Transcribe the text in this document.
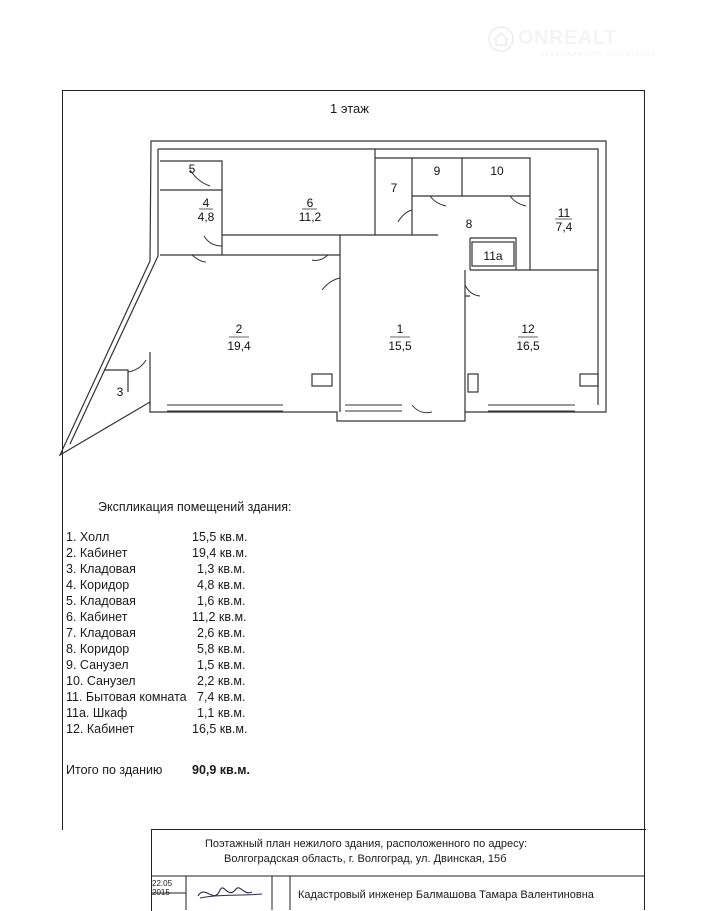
ONREALT
НЕДВИЖИМОСТЬ ВОЛГОГРАДА
1 этаж
5
4
4,8
6
11,2
7
9	10
8
11
7,4
11а
2
19,4
1
15,5
12
16,5
3
Экспликация помещений здания:
1. Холл	15,5 кв.м.
2. Кабинет	19,4 кв.м.
3. Кладовая	1,3 кв.м.
4. Коридор	4,8 кв.м.
5. Кладовая	1,6 кв.м.
6. Кабинет	11,2 кв.м.
7. Кладовая	2,6 кв.м.
8. Коридор	5,8 кв.м.
9. Санузел	1,5 кв.м.
10. Санузел	2,2 кв.м.
11. Бытовая комната 7,4 кв.м.
11а. Шкаф	1,1 кв.м.
12. Кабинет	16,5 кв.м.
Итого по зданию 90,9 кв.м.
Поэтажный план нежилого здания, расположенного по адресу:
Волгоградская область, г. Волгоград, ул. Двинская, 15б
22.05
2015	Кадастровый инженер Балмашова Тамара Валентиновна
